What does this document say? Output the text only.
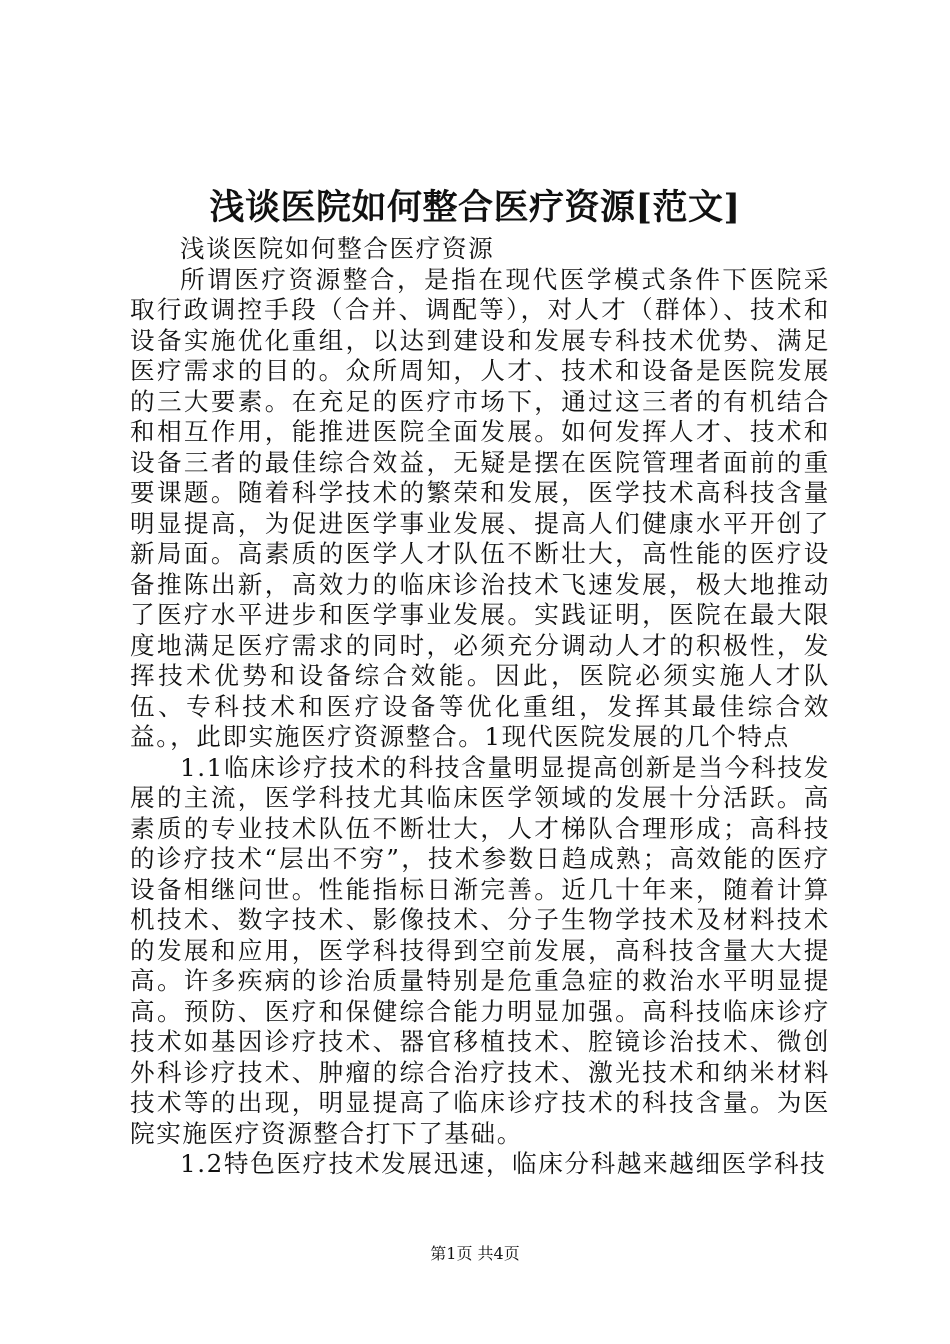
浅谈医院如何整合医疗资源[范文]

浅谈医院如何整合医疗资源

所谓医疗资源整合，是指在现代医学模式条件下医院采取行政调控手段（合并、调配等），对人才（群体）、技术和设备实施优化重组，以达到建设和发展专科技术优势、满足医疗需求的目的。众所周知，人才、技术和设备是医院发展的三大要素。在充足的医疗市场下，通过这三者的有机结合和相互作用，能推进医院全面发展。如何发挥人才、技术和设备三者的最佳综合效益，无疑是摆在医院管理者面前的重要课题。随着科学技术的繁荣和发展，医学技术高科技含量明显提高，为促进医学事业发展、提高人们健康水平开创了新局面。高素质的医学人才队伍不断壮大，高性能的医疗设备推陈出新，高效力的临床诊治技术飞速发展，极大地推动了医疗水平进步和医学事业发展。实践证明，医院在最大限度地满足医疗需求的同时，必须充分调动人才的积极性，发挥技术优势和设备综合效能。因此，医院必须实施人才队伍、专科技术和医疗设备等优化重组，发挥其最佳综合效益。，此即实施医疗资源整合。1现代医院发展的几个特点

1.1临床诊疗技术的科技含量明显提高创新是当今科技发展的主流，医学科技尤其临床医学领域的发展十分活跃。高素质的专业技术队伍不断壮大，人才梯队合理形成；高科技的诊疗技术“层出不穷”，技术参数日趋成熟；高效能的医疗设备相继问世。性能指标日渐完善。近几十年来，随着计算机技术、数字技术、影像技术、分子生物学技术及材料技术的发展和应用，医学科技得到空前发展，高科技含量大大提高。许多疾病的诊治质量特别是危重急症的救治水平明显提高。预防、医疗和保健综合能力明显加强。高科技临床诊疗技术如基因诊疗技术、器官移植技术、腔镜诊治技术、微创外科诊疗技术、肿瘤的综合治疗技术、激光技术和纳米材料技术等的出现，明显提高了临床诊疗技术的科技含量。为医院实施医疗资源整合打下了基础。

1.2特色医疗技术发展迅速，临床分科越来越细医学科技

第1页 共4页
